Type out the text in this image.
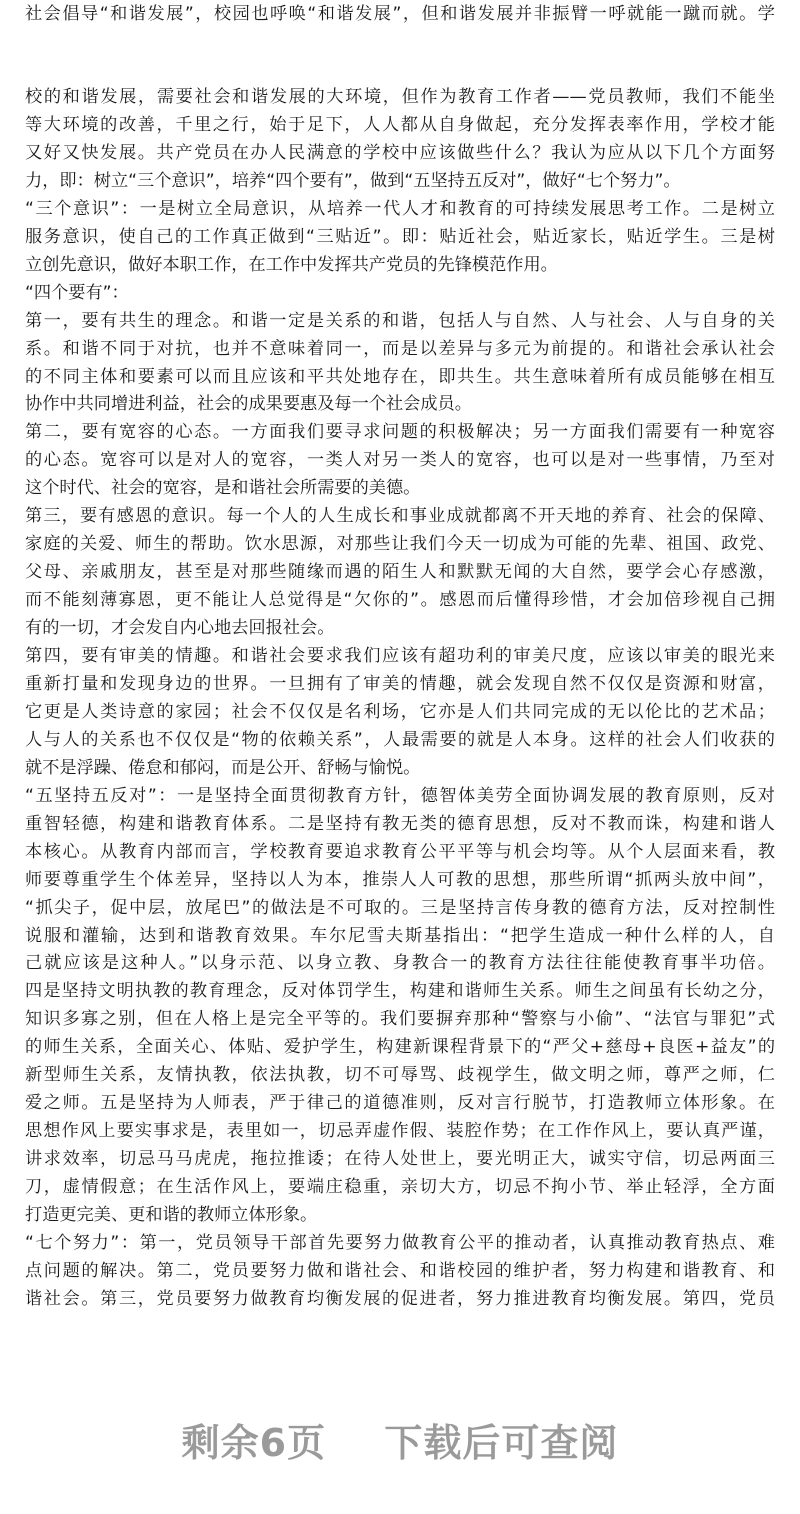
社会倡导“和谐发展”，校园也呼唤“和谐发展”，但和谐发展并非振臂一呼就能一蹴而就。学
校的和谐发展，需要社会和谐发展的大环境，但作为教育工作者——党员教师，我们不能坐
等大环境的改善，千里之行，始于足下，人人都从自身做起，充分发挥表率作用，学校才能
又好又快发展。共产党员在办人民满意的学校中应该做些什么？我认为应从以下几个方面努
力，即：树立“三个意识”，培养“四个要有”，做到“五坚持五反对”，做好“七个努力”。
“三个意识”：一是树立全局意识，从培养一代人才和教育的可持续发展思考工作。二是树立
服务意识，使自己的工作真正做到“三贴近”。即：贴近社会，贴近家长，贴近学生。三是树
立创先意识，做好本职工作，在工作中发挥共产党员的先锋模范作用。
“四个要有”：
第一，要有共生的理念。和谐一定是关系的和谐，包括人与自然、人与社会、人与自身的关
系。和谐不同于对抗，也并不意味着同一，而是以差异与多元为前提的。和谐社会承认社会
的不同主体和要素可以而且应该和平共处地存在，即共生。共生意味着所有成员能够在相互
协作中共同增进利益，社会的成果要惠及每一个社会成员。
第二，要有宽容的心态。一方面我们要寻求问题的积极解决；另一方面我们需要有一种宽容
的心态。宽容可以是对人的宽容，一类人对另一类人的宽容，也可以是对一些事情，乃至对
这个时代、社会的宽容，是和谐社会所需要的美德。
第三，要有感恩的意识。每一个人的人生成长和事业成就都离不开天地的养育、社会的保障、
家庭的关爱、师生的帮助。饮水思源，对那些让我们今天一切成为可能的先辈、祖国、政党、
父母、亲戚朋友，甚至是对那些随缘而遇的陌生人和默默无闻的大自然，要学会心存感激，
而不能刻薄寡恩，更不能让人总觉得是“欠你的”。感恩而后懂得珍惜，才会加倍珍视自己拥
有的一切，才会发自内心地去回报社会。
第四，要有审美的情趣。和谐社会要求我们应该有超功利的审美尺度，应该以审美的眼光来
重新打量和发现身边的世界。一旦拥有了审美的情趣，就会发现自然不仅仅是资源和财富，
它更是人类诗意的家园；社会不仅仅是名利场，它亦是人们共同完成的无以伦比的艺术品；
人与人的关系也不仅仅是“物的依赖关系”，人最需要的就是人本身。这样的社会人们收获的
就不是浮躁、倦怠和郁闷，而是公开、舒畅与愉悦。
“五坚持五反对”：一是坚持全面贯彻教育方针，德智体美劳全面协调发展的教育原则，反对
重智轻德，构建和谐教育体系。二是坚持有教无类的德育思想，反对不教而诛，构建和谐人
本核心。从教育内部而言，学校教育要追求教育公平平等与机会均等。从个人层面来看，教
师要尊重学生个体差异，坚持以人为本，推崇人人可教的思想，那些所谓“抓两头放中间”，
“抓尖子，促中层，放尾巴”的做法是不可取的。三是坚持言传身教的德育方法，反对控制性
说服和灌输，达到和谐教育效果。车尔尼雪夫斯基指出：“把学生造成一种什么样的人，自
己就应该是这种人。”以身示范、以身立教、身教合一的教育方法往往能使教育事半功倍。
四是坚持文明执教的教育理念，反对体罚学生，构建和谐师生关系。师生之间虽有长幼之分，
知识多寡之别，但在人格上是完全平等的。我们要摒弃那种“警察与小偷”、“法官与罪犯”式
的师生关系，全面关心、体贴、爱护学生，构建新课程背景下的“严父+慈母+良医+益友”的
新型师生关系，友情执教，依法执教，切不可辱骂、歧视学生，做文明之师，尊严之师，仁
爱之师。五是坚持为人师表，严于律己的道德准则，反对言行脱节，打造教师立体形象。在
思想作风上要实事求是，表里如一，切忌弄虚作假、装腔作势；在工作作风上，要认真严谨，
讲求效率，切忌马马虎虎，拖拉推诿；在待人处世上，要光明正大，诚实守信，切忌两面三
刀，虚情假意；在生活作风上，要端庄稳重，亲切大方，切忌不拘小节、举止轻浮，全方面
打造更完美、更和谐的教师立体形象。
“七个努力”：第一，党员领导干部首先要努力做教育公平的推动者，认真推动教育热点、难
点问题的解决。第二，党员要努力做和谐社会、和谐校园的维护者，努力构建和谐教育、和
谐社会。第三，党员要努力做教育均衡发展的促进者，努力推进教育均衡发展。第四，党员
剩余6页 下载后可查阅
